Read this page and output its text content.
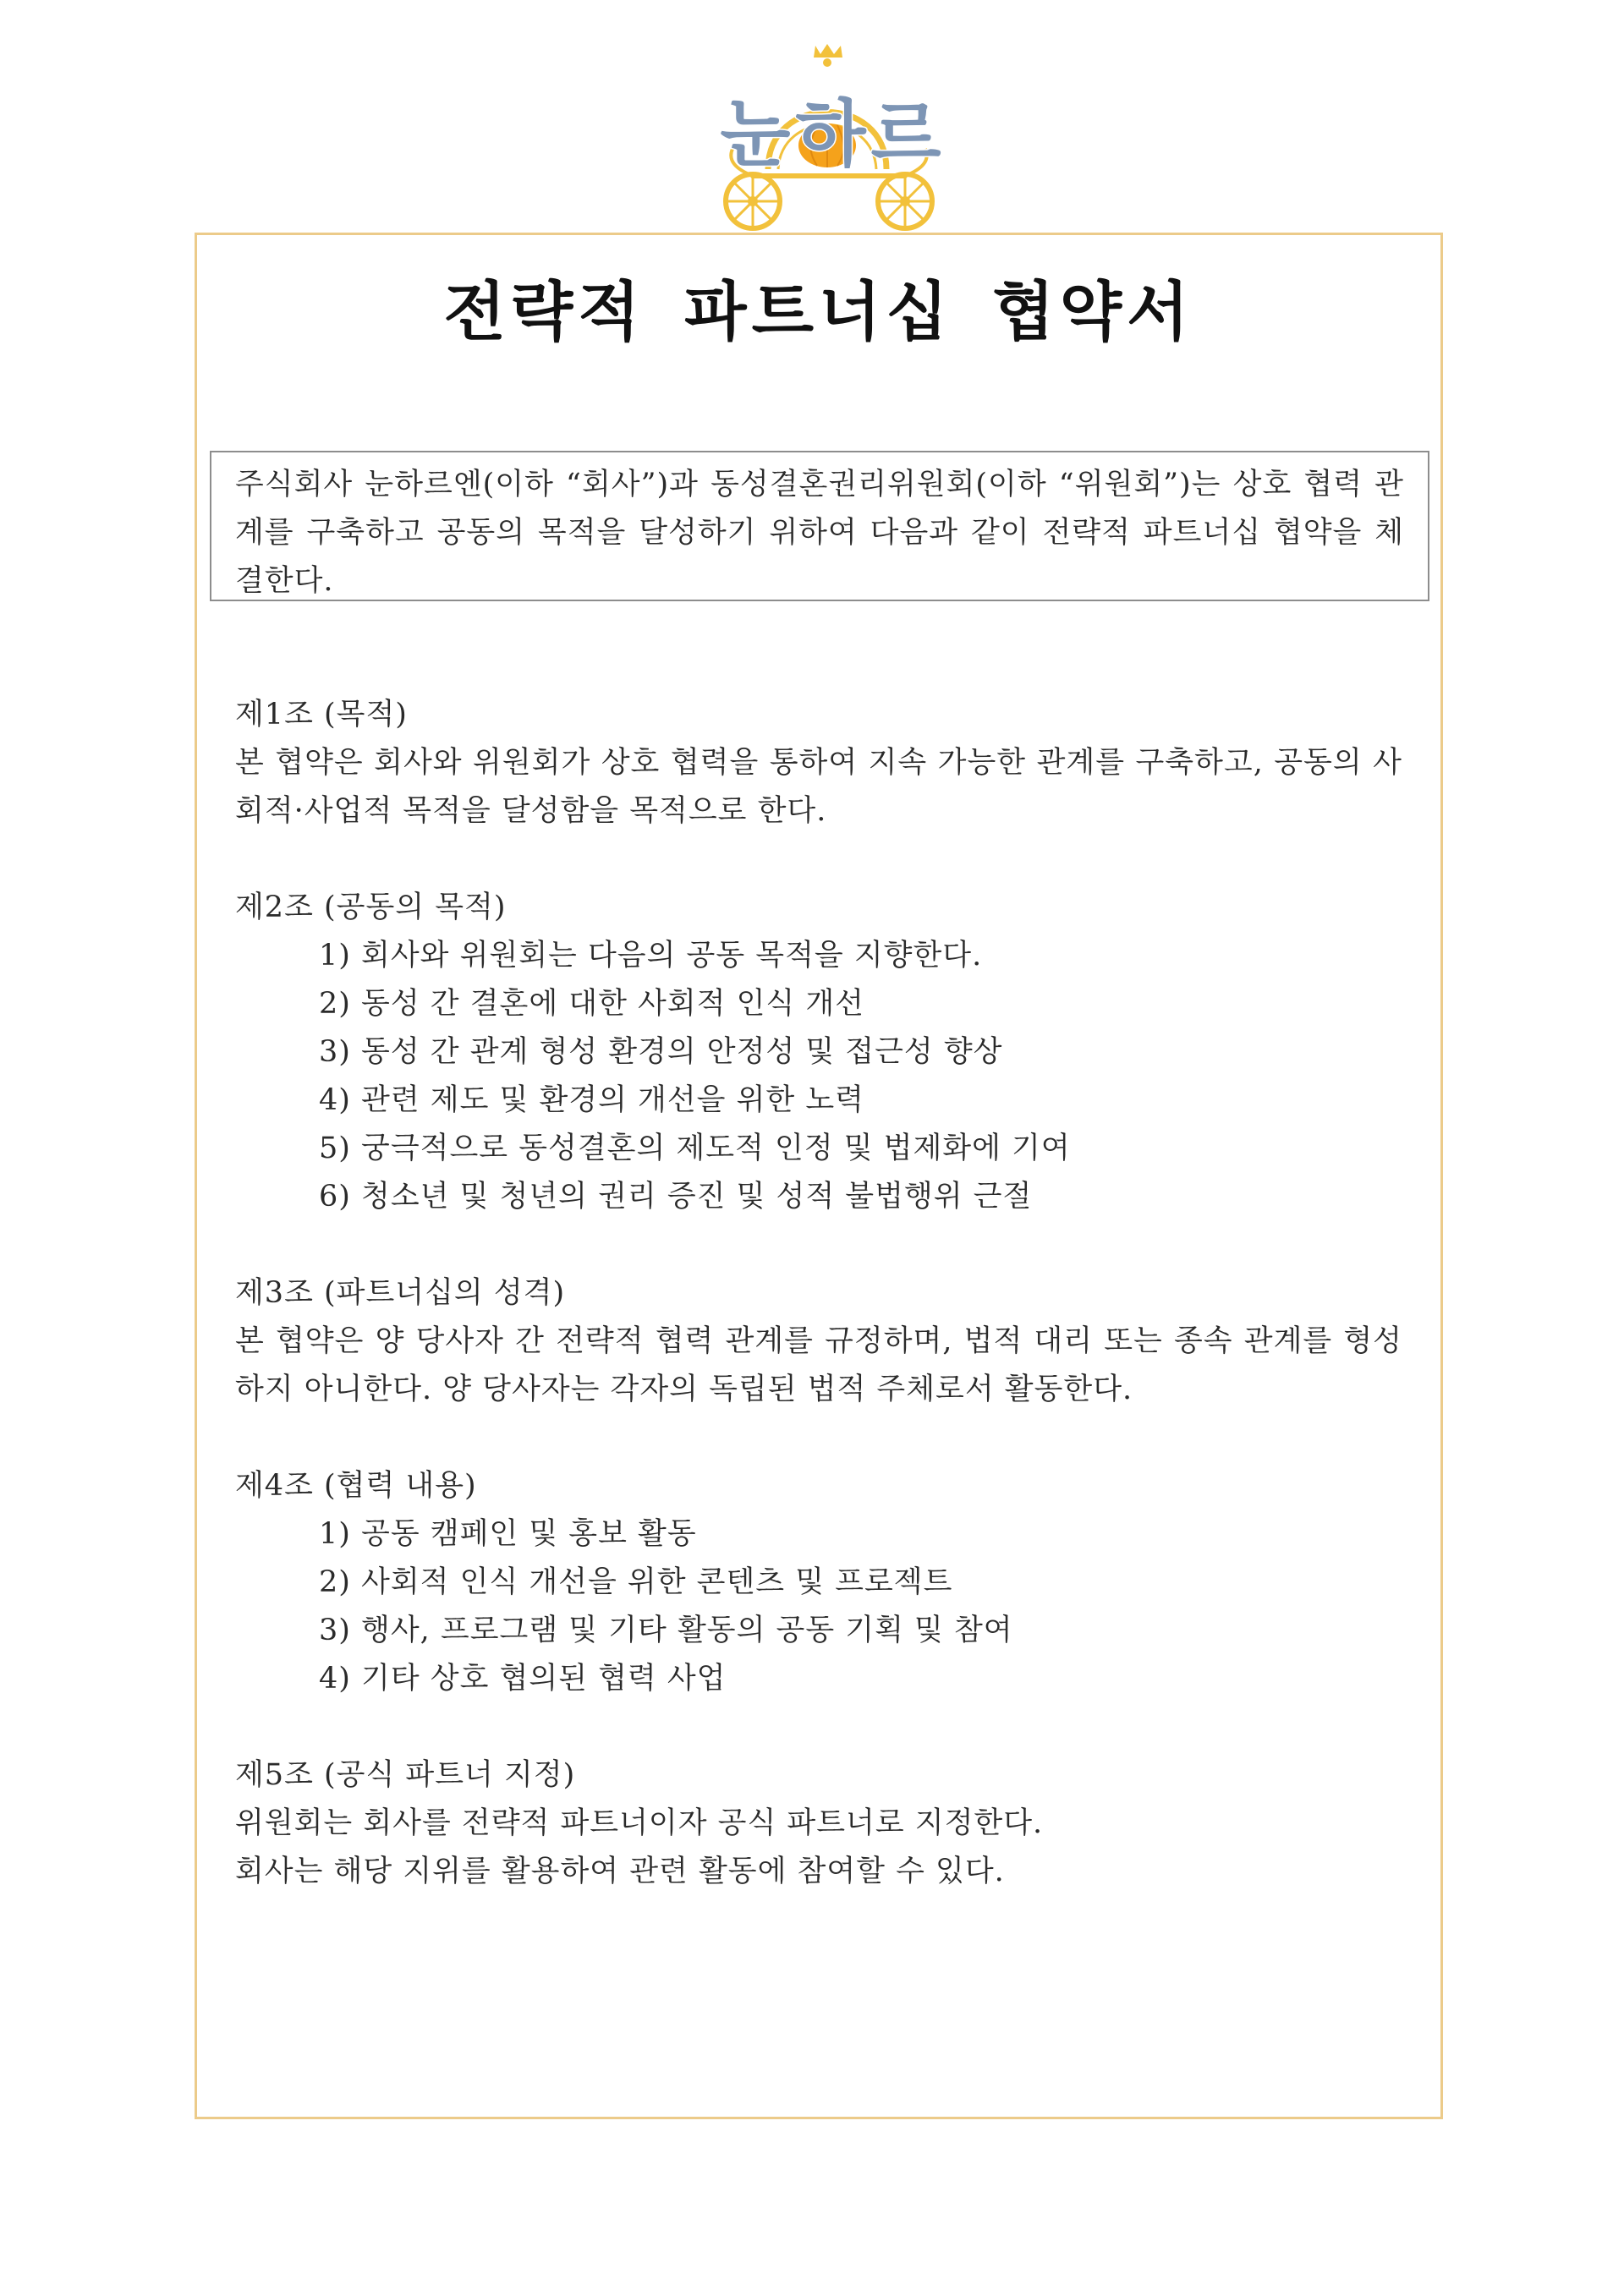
눈하르
전략적 파트너십 협약서
주식회사 눈하르엔(이하 “회사”)과 동성결혼권리위원회(이하 “위원회”)는 상호 협력 관계를 구축하고 공동의 목적을 달성하기 위하여 다음과 같이 전략적 파트너십 협약을 체결한다.

제1조 (목적)

본 협약은 회사와 위원회가 상호 협력을 통하여 지속 가능한 관계를 구축하고, 공동의 사회적·사업적 목적을 달성함을 목적으로 한다.

제2조 (공동의 목적)

1) 회사와 위원회는 다음의 공동 목적을 지향한다.
2) 동성 간 결혼에 대한 사회적 인식 개선
3) 동성 간 관계 형성 환경의 안정성 및 접근성 향상
4) 관련 제도 및 환경의 개선을 위한 노력
5) 궁극적으로 동성결혼의 제도적 인정 및 법제화에 기여
6) 청소년 및 청년의 권리 증진 및 성적 불법행위 근절

제3조 (파트너십의 성격)

본 협약은 양 당사자 간 전략적 협력 관계를 규정하며, 법적 대리 또는 종속 관계를 형성하지 아니한다. 양 당사자는 각자의 독립된 법적 주체로서 활동한다.

제4조 (협력 내용)

1) 공동 캠페인 및 홍보 활동
2) 사회적 인식 개선을 위한 콘텐츠 및 프로젝트
3) 행사, 프로그램 및 기타 활동의 공동 기획 및 참여
4) 기타 상호 협의된 협력 사업

제5조 (공식 파트너 지정)

위원회는 회사를 전략적 파트너이자 공식 파트너로 지정한다.

회사는 해당 지위를 활용하여 관련 활동에 참여할 수 있다.
